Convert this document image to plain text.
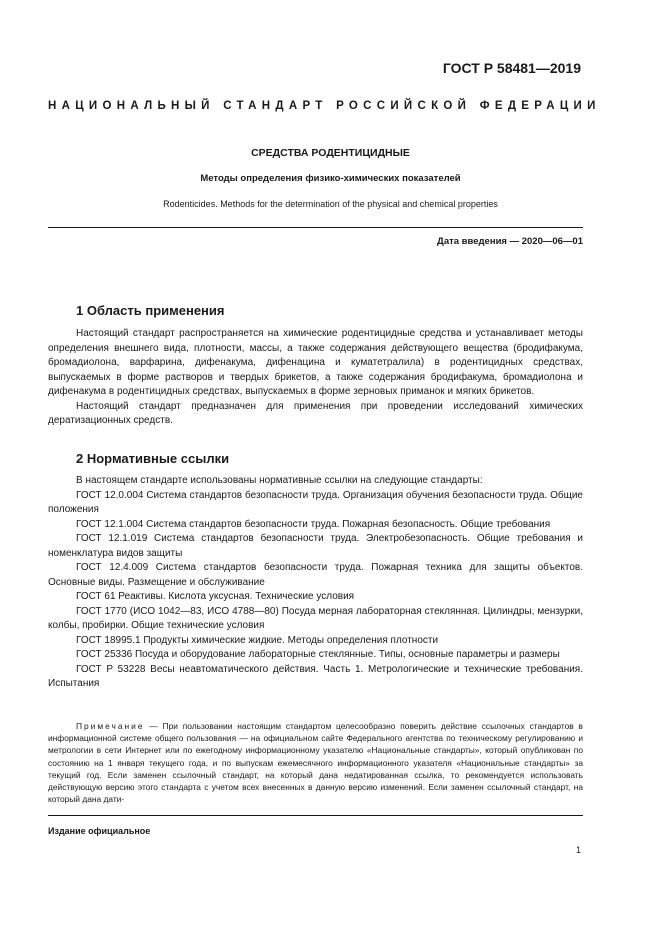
ГОСТ Р 58481—2019
НАЦИОНАЛЬНЫЙ СТАНДАРТ РОССИЙСКОЙ ФЕДЕРАЦИИ
СРЕДСТВА РОДЕНТИЦИДНЫЕ
Методы определения физико-химических показателей
Rodenticides. Methods for the determination of the physical and chemical properties
Дата введения — 2020—06—01
1 Область применения

Настоящий стандарт распространяется на химические родентицидные средства и устанавливает методы определения внешнего вида, плотности, массы, а также содержания действующего вещества (бродифакума, бромадиолона, варфарина, дифенакума, дифенацина и куматетралила) в родентицидных средствах, выпускаемых в форме растворов и твердых брикетов, а также содержания бродифакума, бромадиолона и дифенакума в родентицидных средствах, выпускаемых в форме зерновых приманок и мягких брикетов.

Настоящий стандарт предназначен для применения при проведении исследований химических дератизационных средств.

2 Нормативные ссылки

В настоящем стандарте использованы нормативные ссылки на следующие стандарты:

ГОСТ 12.0.004 Система стандартов безопасности труда. Организация обучения безопасности труда. Общие положения

ГОСТ 12.1.004 Система стандартов безопасности труда. Пожарная безопасность. Общие требования

ГОСТ 12.1.019 Система стандартов безопасности труда. Электробезопасность. Общие требования и номенклатура видов защиты

ГОСТ 12.4.009 Система стандартов безопасности труда. Пожарная техника для защиты объектов. Основные виды. Размещение и обслуживание

ГОСТ 61 Реактивы. Кислота уксусная. Технические условия

ГОСТ 1770 (ИСО 1042—83, ИСО 4788—80) Посуда мерная лабораторная стеклянная. Цилиндры, мензурки, колбы, пробирки. Общие технические условия

ГОСТ 18995.1 Продукты химические жидкие. Методы определения плотности

ГОСТ 25336 Посуда и оборудование лабораторные стеклянные. Типы, основные параметры и размеры

ГОСТ Р 53228 Весы неавтоматического действия. Часть 1. Метрологические и технические требования. Испытания

Примечание — При пользовании настоящим стандартом целесообразно поверить действие ссылочных стандартов в информационной системе общего пользования — на официальном сайте Федерального агентства по техническому регулированию и метрологии в сети Интернет или по ежегодному информационному указателю «Национальные стандарты», который опубликован по состоянию на 1 января текущего года, и по выпускам ежемесячного информационного указателя «Национальные стандарты» за текущий год. Если заменен ссылочный стандарт, на который дана недатированная ссылка, то рекомендуется использовать действующую версию этого стандарта с учетом всех внесенных в данную версию изменений. Если заменен ссылочный стандарт, на который дана дати-

Издание официальное
1
